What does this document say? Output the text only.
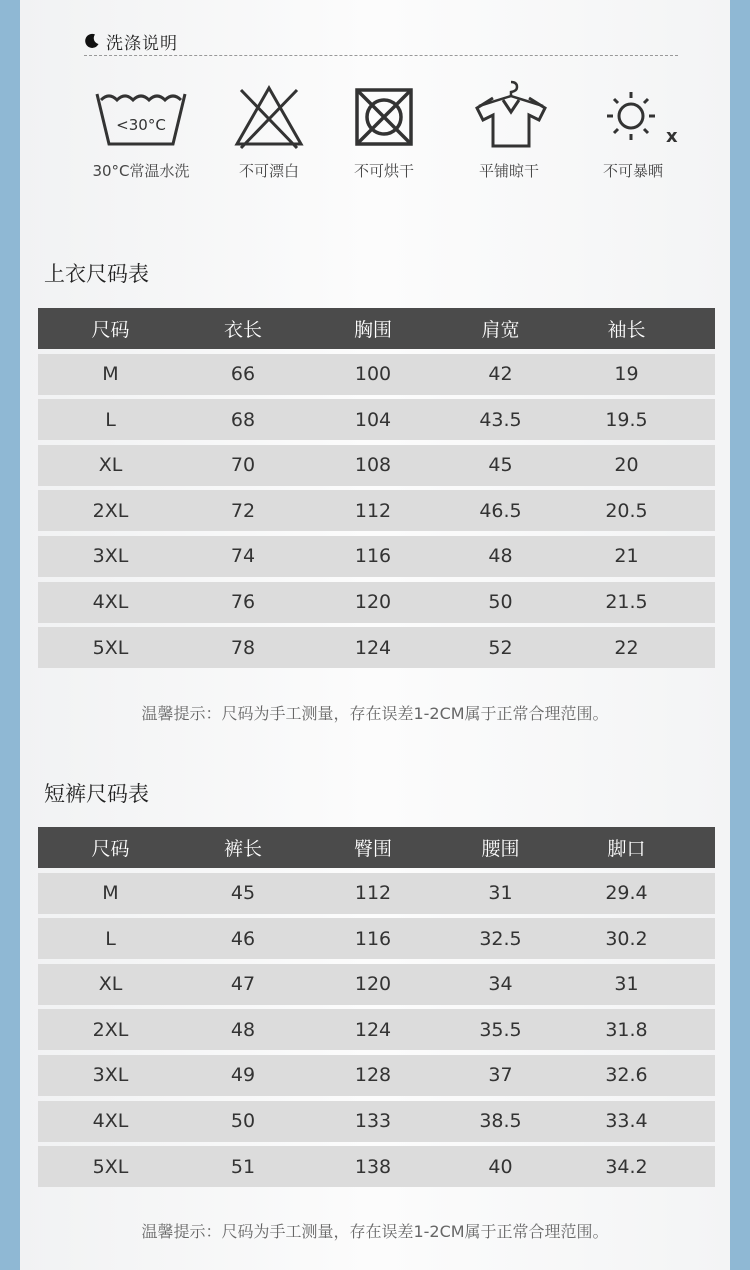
洗涤说明
<30°C
30°C常温水洗	不可漂白	不可烘干	平铺晾干
x
不可暴晒
上衣尺码表
尺码	衣长	胸围	肩宽	袖长
M	66	100	42	19
L	68	104	43.5	19.5
XL	70	108	45	20
2XL	72	112	46.5	20.5
3XL	74	116	48	21
4XL	76	120	50	21.5
5XL	78	124	52	22
温馨提示：尺码为手工测量，存在误差1-2CM属于正常合理范围。
短裤尺码表
尺码	裤长	臀围	腰围	脚口
M	45	112	31	29.4
L	46	116	32.5	30.2
XL	47	120	34	31
2XL	48	124	35.5	31.8
3XL	49	128	37	32.6
4XL	50	133	38.5	33.4
5XL	51	138	40	34.2
温馨提示：尺码为手工测量，存在误差1-2CM属于正常合理范围。
